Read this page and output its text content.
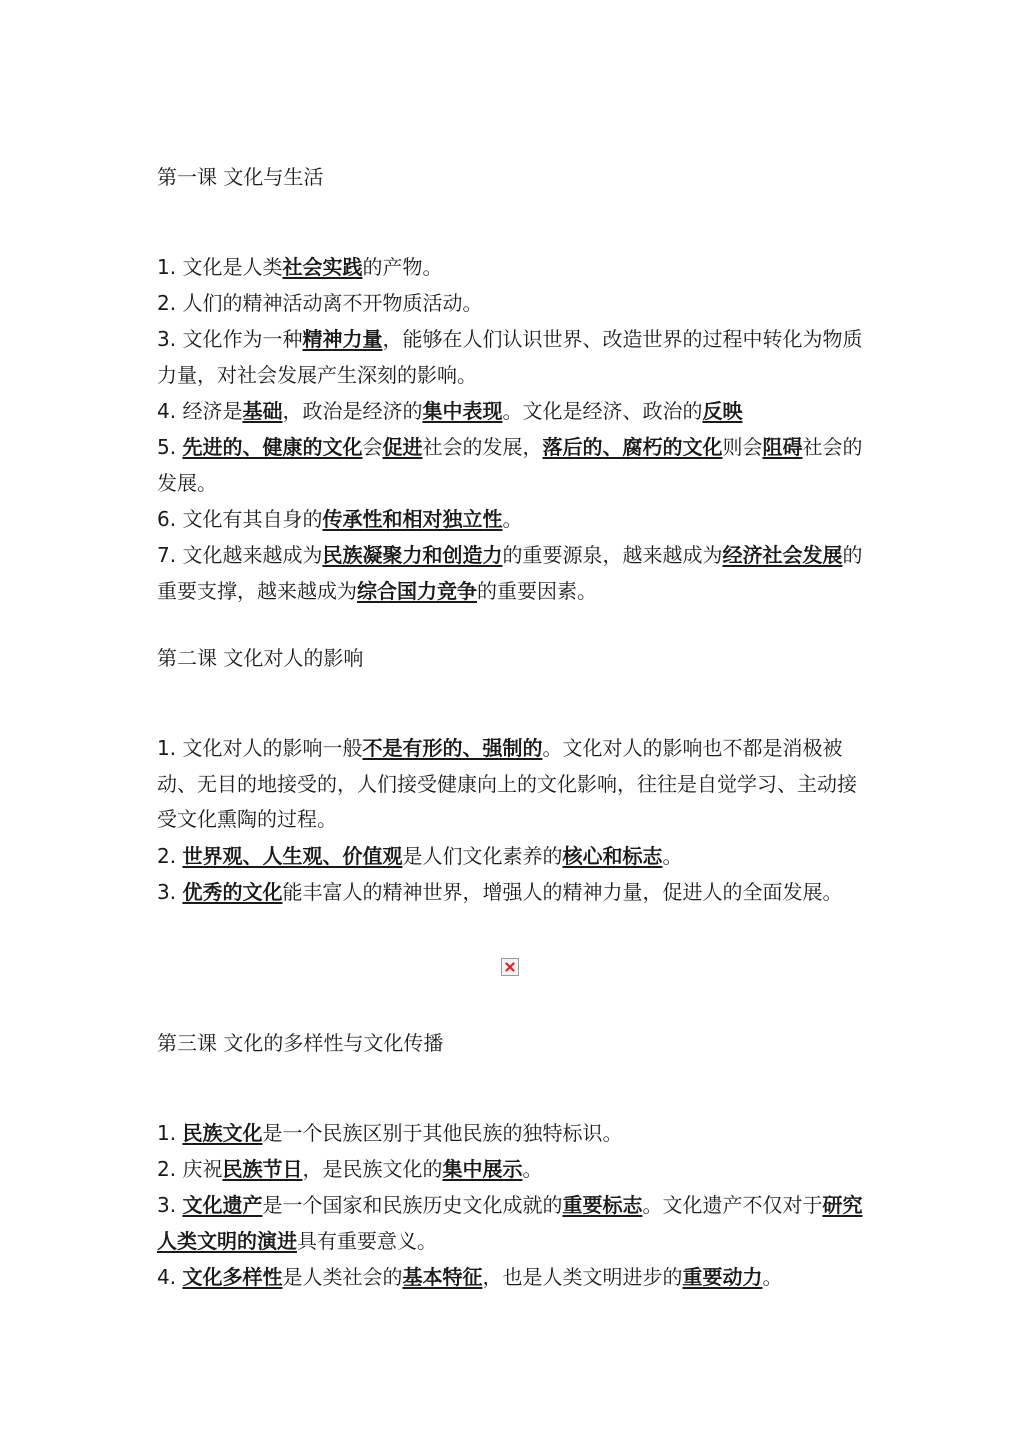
第一课 文化与生活

1. 文化是人类社会实践的产物。

2. 人们的精神活动离不开物质活动。

3. 文化作为一种精神力量，能够在人们认识世界、改造世界的过程中转化为物质力量，对社会发展产生深刻的影响。

4. 经济是基础，政治是经济的集中表现。文化是经济、政治的反映

5. 先进的、健康的文化会促进社会的发展，落后的、腐朽的文化则会阻碍社会的发展。

6. 文化有其自身的传承性和相对独立性。

7. 文化越来越成为民族凝聚力和创造力的重要源泉，越来越成为经济社会发展的重要支撑，越来越成为综合国力竞争的重要因素。

第二课 文化对人的影响

1. 文化对人的影响一般不是有形的、强制的。文化对人的影响也不都是消极被动、无目的地接受的，人们接受健康向上的文化影响，往往是自觉学习、主动接受文化熏陶的过程。

2. 世界观、人生观、价值观是人们文化素养的核心和标志。

3. 优秀的文化能丰富人的精神世界，增强人的精神力量，促进人的全面发展。

第三课 文化的多样性与文化传播

1. 民族文化是一个民族区别于其他民族的独特标识。

2. 庆祝民族节日，是民族文化的集中展示。

3. 文化遗产是一个国家和民族历史文化成就的重要标志。文化遗产不仅对于研究人类文明的演进具有重要意义。

4. 文化多样性是人类社会的基本特征，也是人类文明进步的重要动力。
